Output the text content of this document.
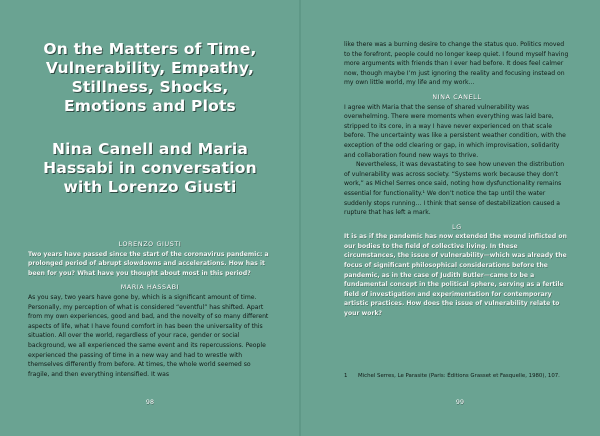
On the Matters of Time, Vulnerability, Empathy, Stillness, Shocks, Emotions and Plots
Nina Canell and Maria Hassabi in conversation with Lorenzo Giusti

LORENZO GIUSTI

Two years have passed since the start of the coronavirus pandemic: a prolonged period of abrupt slowdowns and accelerations. How has it been for you? What have you thought about most in this period?

MARIA HASSABI

As you say, two years have gone by, which is a significant amount of time. Personally, my perception of what is considered “eventful” has shifted. Apart from my own experiences, good and bad, and the novelty of so many different aspects of life, what I have found comfort in has been the universality of this situation. All over the world, regardless of your race, gender or social background, we all experienced the same event and its repercussions. People experienced the passing of time in a new way and had to wrestle with themselves differently from before. At times, the whole world seemed so fragile, and then everything intensified. It was

98

like there was a burning desire to change the status quo. Politics moved to the forefront, people could no longer keep quiet. I found myself having more arguments with friends than I ever had before. It does feel calmer now, though maybe I’m just ignoring the reality and focusing instead on my own little world, my life and my work…

NINA CANELL

I agree with Maria that the sense of shared vulnerability was overwhelming. There were moments when everything was laid bare, stripped to its core, in a way I have never experienced on that scale before. The uncertainty was like a persistent weather condition, with the exception of the odd clearing or gap, in which improvisation, solidarity and collaboration found new ways to thrive.

Nevertheless, it was devastating to see how uneven the distribution of vulnerability was across society. “Systems work because they don’t work,” as Michel Serres once said, noting how dysfunctionality remains essential for functionality.¹ We don’t notice the tap until the water suddenly stops running… I think that sense of destabilization caused a rupture that has left a mark.

LG

It is as if the pandemic has now extended the wound inflicted on our bodies to the field of collective living. In these circumstances, the issue of vulnerability—which was already the focus of significant philosophical considerations before the pandemic, as in the case of Judith Butler—came to be a fundamental concept in the political sphere, serving as a fertile field of investigation and experimentation for contemporary artistic practices. How does the issue of vulnerability relate to your work?

1 Michel Serres, Le Parasite (Paris: Éditions Grasset et Fasquelle, 1980), 107.
99
